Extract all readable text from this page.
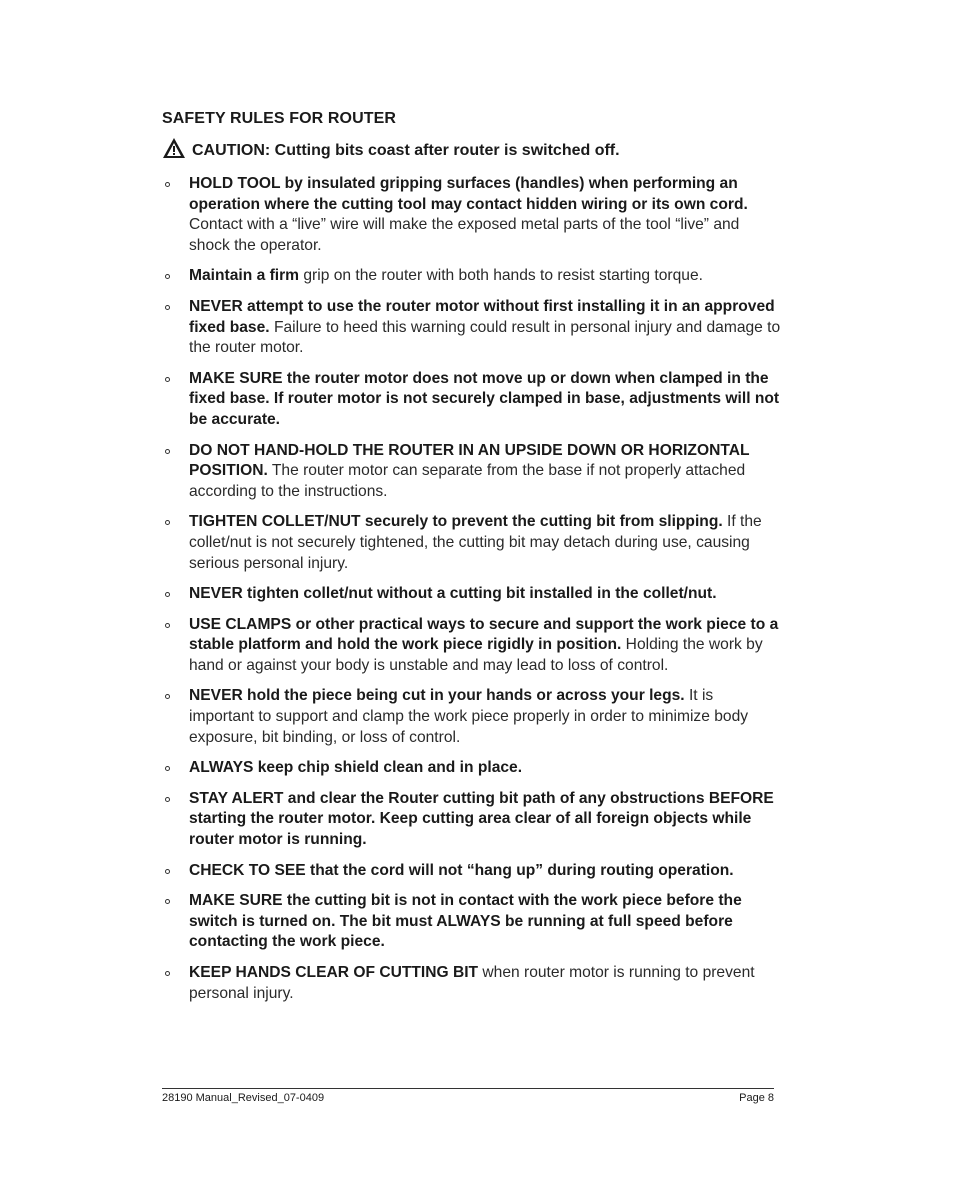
SAFETY RULES FOR ROUTER
CAUTION: Cutting bits coast after router is switched off.
HOLD TOOL by insulated gripping surfaces (handles) when performing an operation where the cutting tool may contact hidden wiring or its own cord. Contact with a “live” wire will make the exposed metal parts of the tool “live” and shock the operator.
Maintain a firm grip on the router with both hands to resist starting torque.
NEVER attempt to use the router motor without first installing it in an approved fixed base. Failure to heed this warning could result in personal injury and damage to the router motor.
MAKE SURE the router motor does not move up or down when clamped in the fixed base. If router motor is not securely clamped in base, adjustments will not be accurate.
DO NOT HAND-HOLD THE ROUTER IN AN UPSIDE DOWN OR HORIZONTAL POSITION. The router motor can separate from the base if not properly attached according to the instructions.
TIGHTEN COLLET/NUT securely to prevent the cutting bit from slipping. If the collet/nut is not securely tightened, the cutting bit may detach during use, causing serious personal injury.
NEVER tighten collet/nut without a cutting bit installed in the collet/nut.
USE CLAMPS or other practical ways to secure and support the work piece to a stable platform and hold the work piece rigidly in position. Holding the work by hand or against your body is unstable and may lead to loss of control.
NEVER hold the piece being cut in your hands or across your legs. It is important to support and clamp the work piece properly in order to minimize body exposure, bit binding, or loss of control.
ALWAYS keep chip shield clean and in place.
STAY ALERT and clear the Router cutting bit path of any obstructions BEFORE starting the router motor. Keep cutting area clear of all foreign objects while router motor is running.
CHECK TO SEE that the cord will not “hang up” during routing operation.
MAKE SURE the cutting bit is not in contact with the work piece before the switch is turned on. The bit must ALWAYS be running at full speed before contacting the work piece.
KEEP HANDS CLEAR OF CUTTING BIT when router motor is running to prevent personal injury.
28190 Manual_Revised_07-0409	Page 8
